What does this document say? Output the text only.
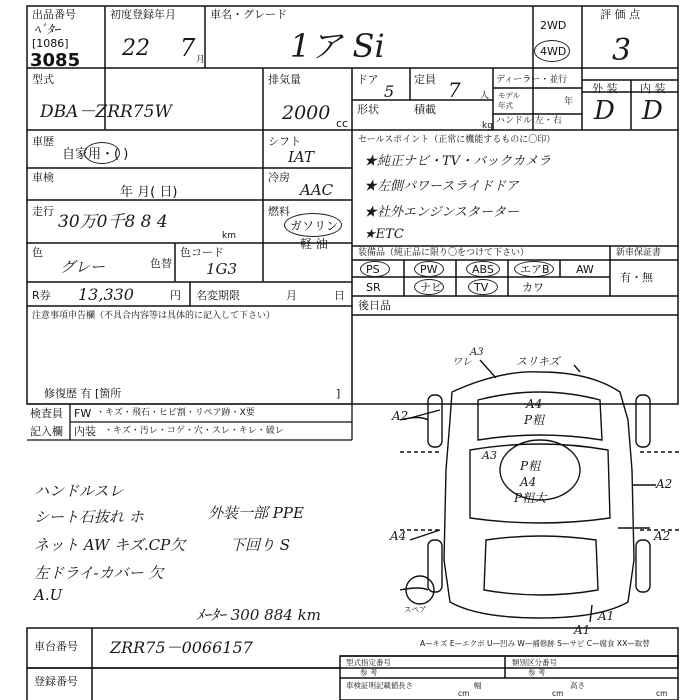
出品番号
ﾍﾞﾀｰ
[1086]
3085
初度登録年月
22 7 月
車名・グレード
1ア Si
2WD
4WD
評 価 点
3
型式
DBA－ZRR75W
排気量
2000 cc
ドア
5
定員 7 人
形状	積載
kg
ディーラー・並行
モデル
年式	年
ハンドル 左・右
外 装 内 装
D D
車歴
自家用・( )
シフト
IAT
車検
年 月( 日)
冷房
AAC
走行
30万0千8 8 4
km
燃料
ガソリン
軽 油
色
グレー	色替
色コード
1G3
セールスポイント（正常に機能するものに〇印）
★純正ナビ・TV・バックカメラ
★左側パワースライドドア
★社外エンジンスターター
★ETC
装備品（純正品に限り〇をつけて下さい）	新車保証書
有・無
PS	PW	ABS エアB AW
SR	ナビ	TV	カワ
後日品
R券 13,330	円 名変期限	月	日
注意事項申告欄（不具合内容等は具体的に記入して下さい）
修復歴 有 [箇所	]
検査員
記入欄
FW ・キズ・飛石・ヒビ割・リペア跡・X要
内装 ・キズ・汚レ・コゲ・穴・スレ・キレ・破レ
ハンドルスレ
シート石抜れ ホ
ネット AW キズ.CP欠
左ドライ-カバー 欠
A.U
外装一部 PPE
下回り S
ﾒｰﾀｰ 300 884 km
A3
ワレ	スリキズ
A2
A4
P粗
A3
P粗
A4
P粗大
A2
A4	A2
A1
A1
スペア
A—キズ E—エクボ U—凹み W—補修跡 S—サビ C—腐食 XX—取替
車台番号 ZRR75－0066157
登録番号
型式指定番号
参 考
類別区分番号
参 考
車検証明記載値 長さ
cm
幅
cm
高さ
cm
